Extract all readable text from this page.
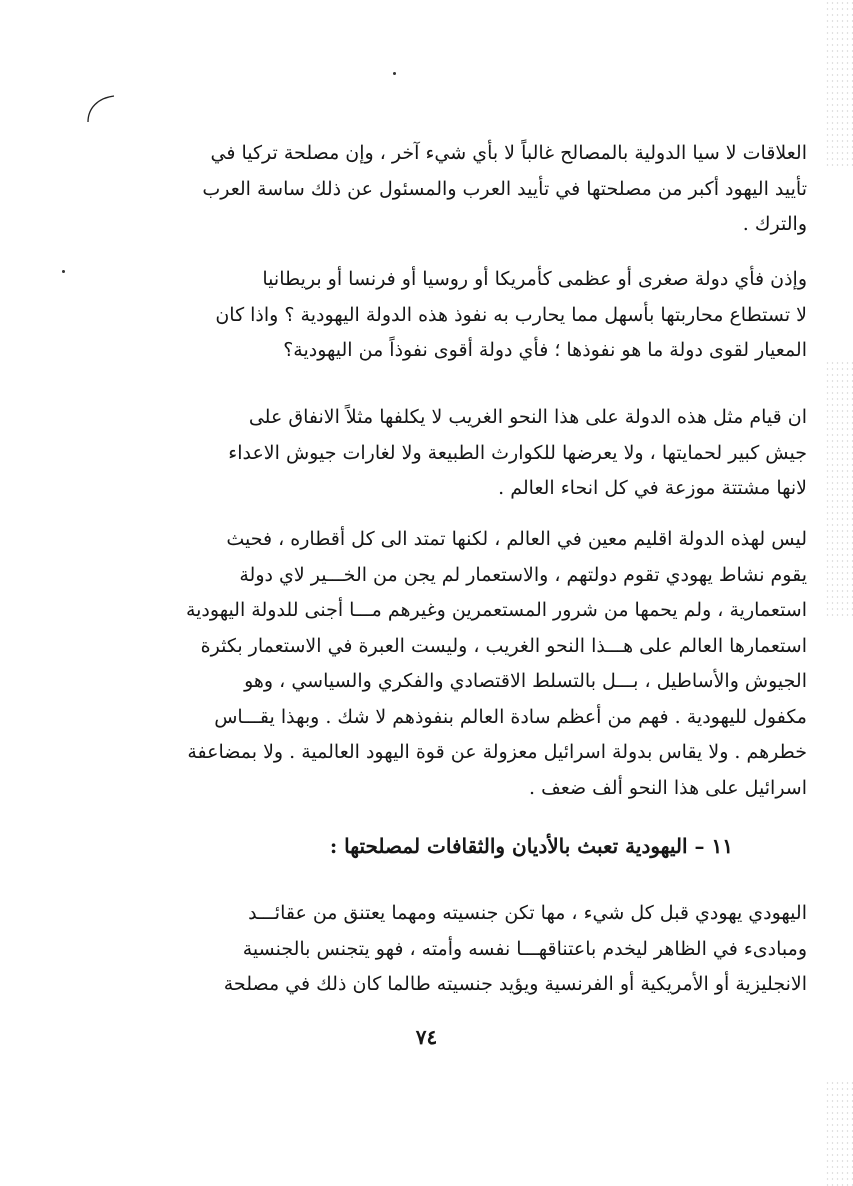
العلاقات لا سيا الدولية بالمصالح غالباً لا بأي شيء آخر ، وإن مصلحة تركيا في
تأييد اليهود أكبر من مصلحتها في تأييد العرب والمسئول عن ذلك ساسة العرب
والترك .

وإذن فأي دولة صغرى أو عظمى كأمريكا أو روسيا أو فرنسا أو بريطانيا
لا تستطاع محاربتها بأسهل مما يحارب به نفوذ هذه الدولة اليهودية ؟ واذا كان
المعيار لقوى دولة ما هو نفوذها ؛ فأي دولة أقوى نفوذاً من اليهودية؟

ان قيام مثل هذه الدولة على هذا النحو الغريب لا يكلفها مثلاً الانفاق على
جيش كبير لحمايتها ، ولا يعرضها للكوارث الطبيعة ولا لغارات جيوش الاعداء
لانها مشتتة موزعة في كل انحاء العالم .

ليس لهذه الدولة اقليم معين في العالم ، لكنها تمتد الى كل أقطاره ، فحيث
يقوم نشاط يهودي تقوم دولتهم ، والاستعمار لم يجن من الخـــير لاي دولة
استعمارية ، ولم يحمها من شرور المستعمرين وغيرهم مـــا أجنى للدولة اليهودية
استعمارها العالم على هـــذا النحو الغريب ، وليست العبرة في الاستعمار بكثرة
الجيوش والأساطيل ، بـــل بالتسلط الاقتصادي والفكري والسياسي ، وهو
مكفول لليهودية . فهم من أعظم سادة العالم بنفوذهم لا شك . وبهذا يقـــاس
خطرهم . ولا يقاس بدولة اسرائيل معزولة عن قوة اليهود العالمية . ولا بمضاعفة
اسرائيل على هذا النحو ألف ضعف .

١١ – اليهودية تعبث بالأديان والثقافات لمصلحتها :

اليهودي يهودي قبل كل شيء ، مها تكن جنسيته ومهما يعتنق من عقائـــد
ومبادىء في الظاهر ليخدم باعتناقهـــا نفسه وأمته ، فهو يتجنس بالجنسية
الانجليزية أو الأمريكية أو الفرنسية ويؤيد جنسيته طالما كان ذلك في مصلحة

٧٤
